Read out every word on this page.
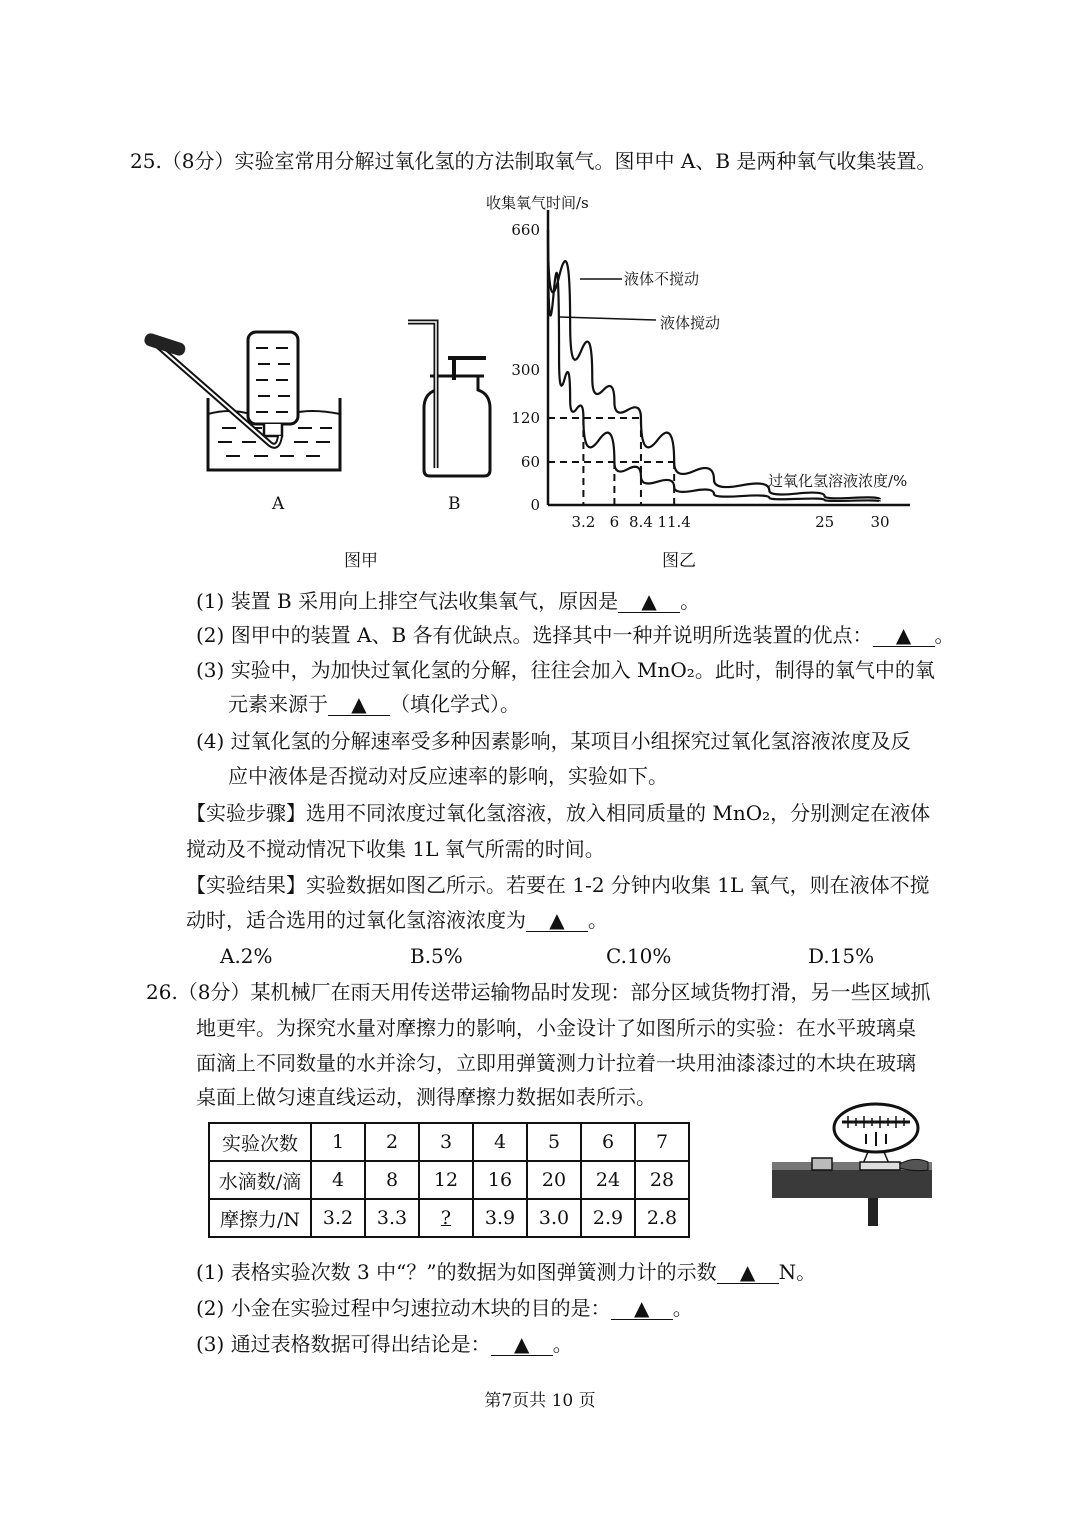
25.（8分）实验室常用分解过氧化氢的方法制取氧气。图甲中 A、B 是两种氧气收集装置。
A	B
图甲
收集氧气时间/s
过氧化氢溶液浓度/%
0
60
120
300
660
3.2 6 8.4 11.4	25 30
液体不搅动
液体搅动
图乙
(1) 装置 B 采用向上排空气法收集氧气，原因是 ▲ 。
(2) 图甲中的装置 A、B 各有优缺点。选择其中一种并说明所选装置的优点： ▲ 。
(3) 实验中，为加快过氧化氢的分解，往往会加入 MnO₂。此时，制得的氧气中的氧
元素来源于 ▲ （填化学式）。
(4) 过氧化氢的分解速率受多种因素影响，某项目小组探究过氧化氢溶液浓度及反
应中液体是否搅动对反应速率的影响，实验如下。
【实验步骤】选用不同浓度过氧化氢溶液，放入相同质量的 MnO₂，分别测定在液体
搅动及不搅动情况下收集 1L 氧气所需的时间。
【实验结果】实验数据如图乙所示。若要在 1-2 分钟内收集 1L 氧气，则在液体不搅
动时，适合选用的过氧化氢溶液浓度为 ▲ 。
A.2%	B.5%	C.10%	D.15%
26.（8分）某机械厂在雨天用传送带运输物品时发现：部分区域货物打滑，另一些区域抓
地更牢。为探究水量对摩擦力的影响，小金设计了如图所示的实验：在水平玻璃桌
面滴上不同数量的水并涂匀，立即用弹簧测力计拉着一块用油漆漆过的木块在玻璃
桌面上做匀速直线运动，测得摩擦力数据如表所示。
实验次数	1	2	3	4	5	6	7
水滴数/滴	4	8	12	16	20	24	28
摩擦力/N	3.2	3.3	?	3.9	3.0	2.9	2.8
(1) 表格实验次数 3 中“？”的数据为如图弹簧测力计的示数 ▲ N。
(2) 小金在实验过程中匀速拉动木块的目的是： ▲ 。
(3) 通过表格数据可得出结论是： ▲ 。
第7页共 10 页
